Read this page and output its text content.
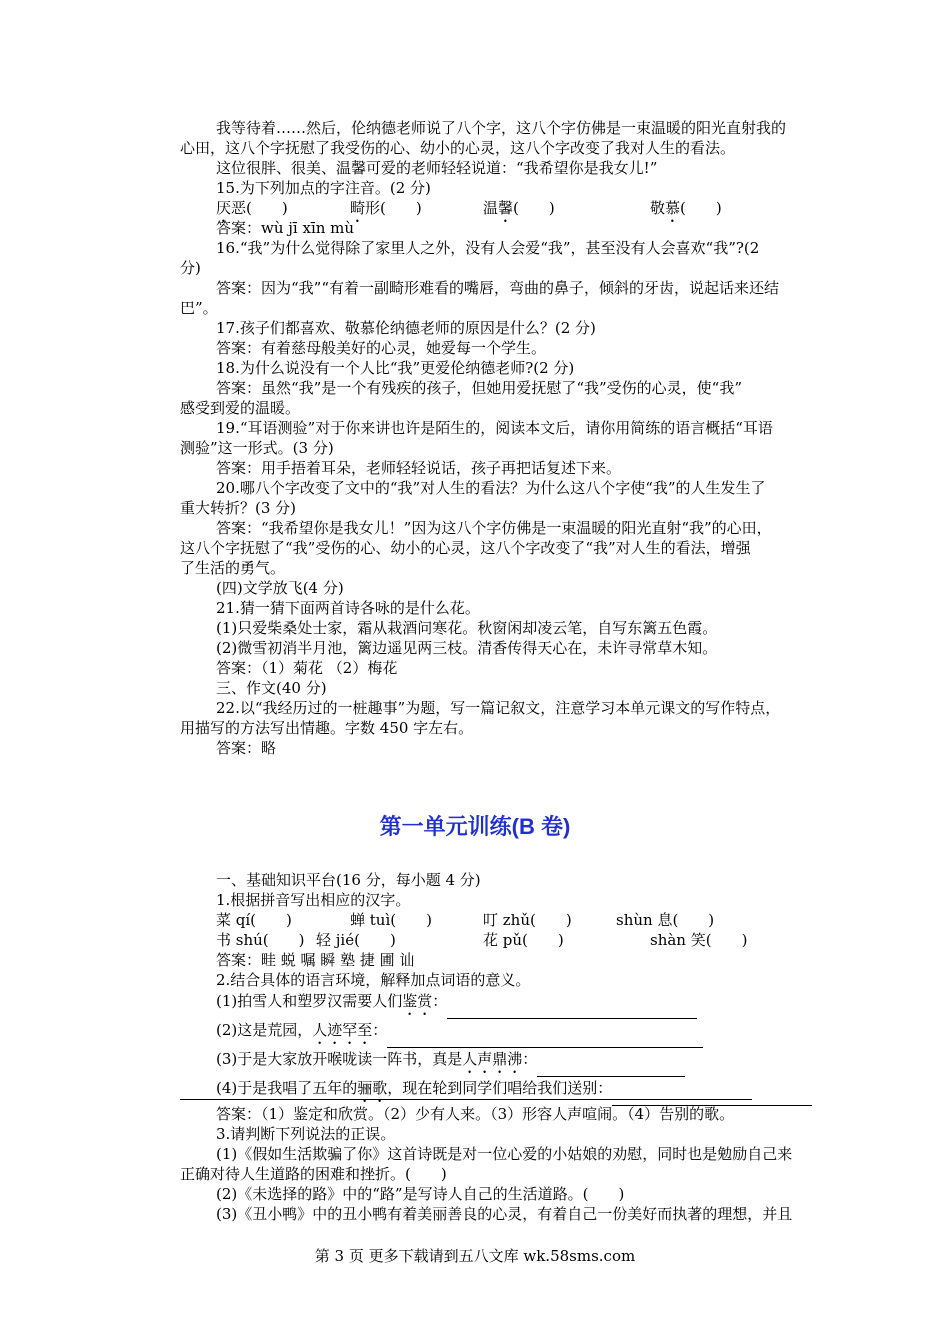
我等待着……然后，伦纳德老师说了八个字，这八个字仿佛是一束温暖的阳光直射我的

心田，这八个字抚慰了我受伤的心、幼小的心灵，这八个字改变了我对人生的看法。

这位很胖、很美、温馨可爱的老师轻轻说道：“我希望你是我女儿!”

15.为下列加点的字注音。(2 分)

厌恶(　　)	畸形(　　)	温馨(　　)	敬慕(　　)

答案：wù jī xīn mù

16.“我”为什么觉得除了家里人之外，没有人会爱“我”，甚至没有人会喜欢“我”?(2

分)

答案：因为“我”“有着一副畸形难看的嘴唇，弯曲的鼻子，倾斜的牙齿，说起话来还结

巴”。

17.孩子们都喜欢、敬慕伦纳德老师的原因是什么？(2 分)

答案：有着慈母般美好的心灵，她爱每一个学生。

18.为什么说没有一个人比“我”更爱伦纳德老师?(2 分)

答案：虽然“我”是一个有残疾的孩子，但她用爱抚慰了“我”受伤的心灵，使“我”

感受到爱的温暖。

19.“耳语测验”对于你来讲也许是陌生的，阅读本文后，请你用简练的语言概括“耳语

测验”这一形式。(3 分)

答案：用手捂着耳朵，老师轻轻说话，孩子再把话复述下来。

20.哪八个字改变了文中的“我”对人生的看法？为什么这八个字使“我”的人生发生了

重大转折？(3 分)

答案：“我希望你是我女儿！”因为这八个字仿佛是一束温暖的阳光直射“我”的心田，

这八个字抚慰了“我”受伤的心、幼小的心灵，这八个字改变了“我”对人生的看法，增强

了生活的勇气。

(四)文学放飞(4 分)

21.猜一猜下面两首诗各咏的是什么花。

(1)只爱柴桑处士家，霜从栽酒问寒花。秋窗闲却凌云笔，自写东篱五色霞。

(2)微雪初消半月池，篱边遥见两三枝。清香传得天心在，未许寻常草木知。

答案：（1）菊花 （2）梅花

三、作文(40 分)

22.以“我经历过的一桩趣事”为题，写一篇记叙文，注意学习本单元课文的写作特点，

用描写的方法写出情趣。字数 450 字左右。

答案：略

第一单元训练(B 卷)

一、基础知识平台(16 分，每小题 4 分)

1.根据拼音写出相应的汉字。

菜 qí(　　)	蝉 tuì(　　)	叮 zhǔ(　　)	shùn 息(　　)
书 shú(　　) 轻 jié(　　)	花 pǔ(　　)	shàn 笑(　　)

答案：畦 蜕 嘱 瞬 塾 捷 圃 讪

2.结合具体的语言环境，解释加点词语的意义。

(1)拍雪人和塑罗汉需要人们鉴赏：

(2)这是荒园，人迹罕至：

(3)于是大家放开喉咙读一阵书，真是人声鼎沸：

(4)于是我唱了五年的骊歌，现在轮到同学们唱给我们送别：

答案：（1）鉴定和欣赏。（2）少有人来。（3）形容人声喧闹。（4）告别的歌。

3.请判断下列说法的正误。

(1)《假如生活欺骗了你》这首诗既是对一位心爱的小姑娘的劝慰，同时也是勉励自己来

正确对待人生道路的困难和挫折。(　　)

(2)《未选择的路》中的“路”是写诗人自己的生活道路。(　　)

(3)《丑小鸭》中的丑小鸭有着美丽善良的心灵，有着自己一份美好而执著的理想，并且

第 3 页 更多下载请到五八文库 wk.58sms.com
